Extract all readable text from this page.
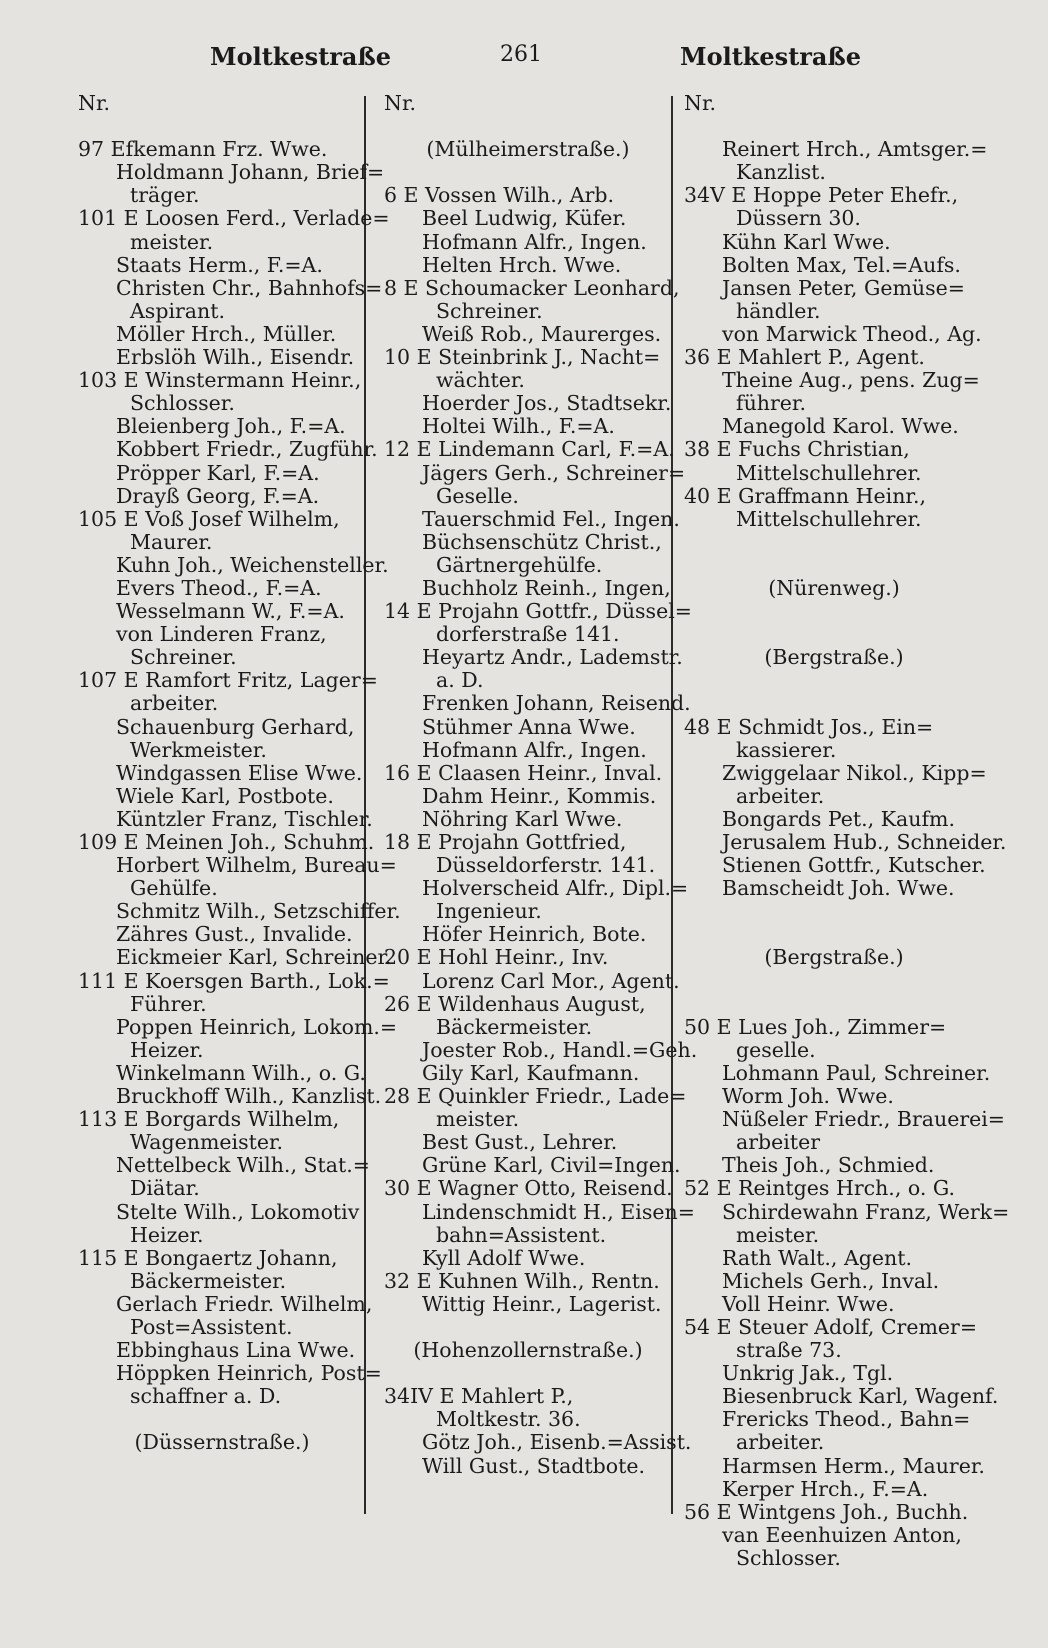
Moltkestraße	261	Moltkestraße
Nr.
97 Efkemann Frz. Wwe.
Holdmann Johann, Brief=
träger.
101 E Loosen Ferd., Verlade=
meister.
Staats Herm., F.=A.
Christen Chr., Bahnhofs=
Aspirant.
Möller Hrch., Müller.
Erbslöh Wilh., Eisendr.
103 E Winstermann Heinr.,
Schlosser.
Bleienberg Joh., F.=A.
Kobbert Friedr., Zugführ.
Pröpper Karl, F.=A.
Drayß Georg, F.=A.
105 E Voß Josef Wilhelm,
Maurer.
Kuhn Joh., Weichensteller.
Evers Theod., F.=A.
Wesselmann W., F.=A.
von Linderen Franz,
Schreiner.
107 E Ramfort Fritz, Lager=
arbeiter.
Schauenburg Gerhard,
Werkmeister.
Windgassen Elise Wwe.
Wiele Karl, Postbote.
Küntzler Franz, Tischler.
109 E Meinen Joh., Schuhm.
Horbert Wilhelm, Bureau=
Gehülfe.
Schmitz Wilh., Setzschiffer.
Zähres Gust., Invalide.
Eickmeier Karl, Schreiner.
111 E Koersgen Barth., Lok.=
Führer.
Poppen Heinrich, Lokom.=
Heizer.
Winkelmann Wilh., o. G.
Bruckhoff Wilh., Kanzlist.
113 E Borgards Wilhelm,
Wagenmeister.
Nettelbeck Wilh., Stat.=
Diätar.
Stelte Wilh., Lokomotiv
Heizer.
115 E Bongaertz Johann,
Bäckermeister.
Gerlach Friedr. Wilhelm,
Post=Assistent.
Ebbinghaus Lina Wwe.
Höppken Heinrich, Post=
schaffner a. D.
(Düssernstraße.)
Nr.
(Mülheimerstraße.)
6 E Vossen Wilh., Arb.
Beel Ludwig, Küfer.
Hofmann Alfr., Ingen.
Helten Hrch. Wwe.
8 E Schoumacker Leonhard,
Schreiner.
Weiß Rob., Maurerges.
10 E Steinbrink J., Nacht=
wächter.
Hoerder Jos., Stadtsekr.
Holtei Wilh., F.=A.
12 E Lindemann Carl, F.=A.
Jägers Gerh., Schreiner=
Geselle.
Tauerschmid Fel., Ingen.
Büchsenschütz Christ.,
Gärtnergehülfe.
Buchholz Reinh., Ingen,
14 E Projahn Gottfr., Düssel=
dorferstraße 141.
Heyartz Andr., Lademstr.
a. D.
Frenken Johann, Reisend.
Stühmer Anna Wwe.
Hofmann Alfr., Ingen.
16 E Claasen Heinr., Inval.
Dahm Heinr., Kommis.
Nöhring Karl Wwe.
18 E Projahn Gottfried,
Düsseldorferstr. 141.
Holverscheid Alfr., Dipl.=
Ingenieur.
Höfer Heinrich, Bote.
20 E Hohl Heinr., Inv.
Lorenz Carl Mor., Agent.
26 E Wildenhaus August,
Bäckermeister.
Joester Rob., Handl.=Geh.
Gily Karl, Kaufmann.
28 E Quinkler Friedr., Lade=
meister.
Best Gust., Lehrer.
Grüne Karl, Civil=Ingen.
30 E Wagner Otto, Reisend.
Lindenschmidt H., Eisen=
bahn=Assistent.
Kyll Adolf Wwe.
32 E Kuhnen Wilh., Rentn.
Wittig Heinr., Lagerist.
(Hohenzollernstraße.)
34IV E Mahlert P.,
Moltkestr. 36.
Götz Joh., Eisenb.=Assist.
Will Gust., Stadtbote.
Nr.
Reinert Hrch., Amtsger.=
Kanzlist.
34V E Hoppe Peter Ehefr.,
Düssern 30.
Kühn Karl Wwe.
Bolten Max, Tel.=Aufs.
Jansen Peter, Gemüse=
händler.
von Marwick Theod., Ag.
36 E Mahlert P., Agent.
Theine Aug., pens. Zug=
führer.
Manegold Karol. Wwe.
38 E Fuchs Christian,
Mittelschullehrer.
40 E Graffmann Heinr.,
Mittelschullehrer.
(Nürenweg.)
(Bergstraße.)
48 E Schmidt Jos., Ein=
kassierer.
Zwiggelaar Nikol., Kipp=
arbeiter.
Bongards Pet., Kaufm.
Jerusalem Hub., Schneider.
Stienen Gottfr., Kutscher.
Bamscheidt Joh. Wwe.
(Bergstraße.)
50 E Lues Joh., Zimmer=
geselle.
Lohmann Paul, Schreiner.
Worm Joh. Wwe.
Nüßeler Friedr., Brauerei=
arbeiter
Theis Joh., Schmied.
52 E Reintges Hrch., o. G.
Schirdewahn Franz, Werk=
meister.
Rath Walt., Agent.
Michels Gerh., Inval.
Voll Heinr. Wwe.
54 E Steuer Adolf, Cremer=
straße 73.
Unkrig Jak., Tgl.
Biesenbruck Karl, Wagenf.
Frericks Theod., Bahn=
arbeiter.
Harmsen Herm., Maurer.
Kerper Hrch., F.=A.
56 E Wintgens Joh., Buchh.
van Eeenhuizen Anton,
Schlosser.
